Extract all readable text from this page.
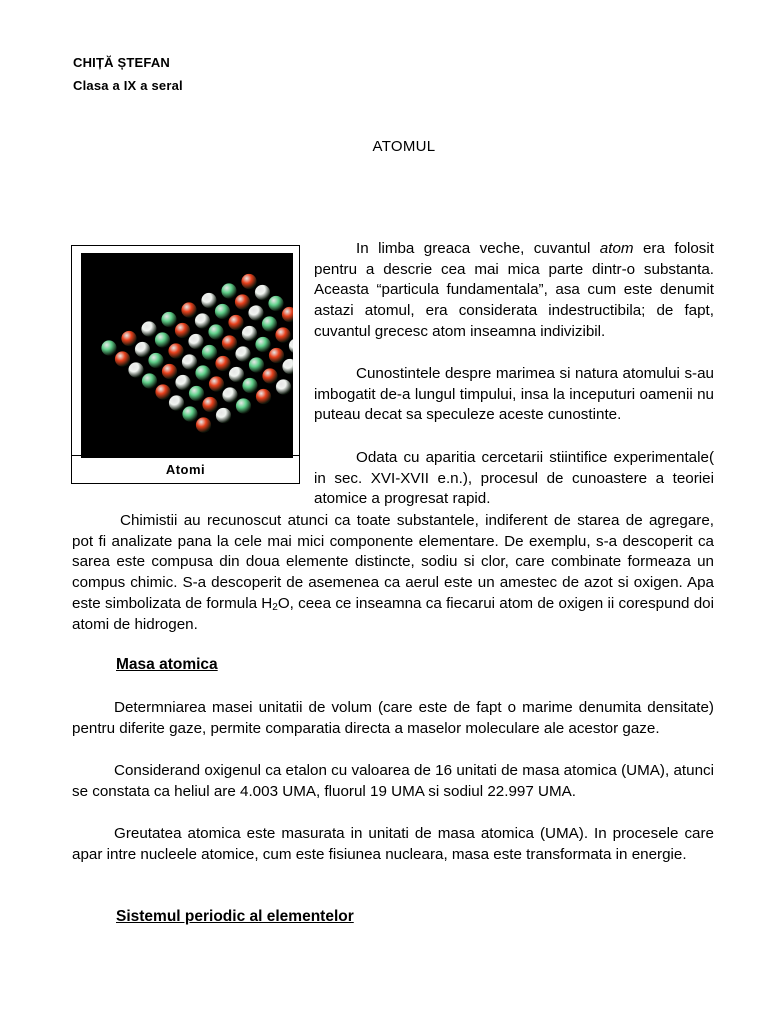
CHIȚĂ ȘTEFAN
Clasa a IX a seral
ATOMUL
Atomi
In limba greaca veche, cuvantul atom era folosit pentru a descrie cea mai mica parte dintr-o substanta. Aceasta “particula fundamentala”, asa cum este denumit astazi atomul, era considerata indestructibila; de fapt, cuvantul grecesc atom inseamna indivizibil.
Cunostintele despre marimea si natura atomului s-au imbogatit de-a lungul timpului, insa la inceputuri oamenii nu puteau decat sa speculeze aceste cunostinte.
Odata cu aparitia cercetarii stiintifice experimentale( in sec. XVI-XVII e.n.), procesul de cunoastere a teoriei atomice a progresat rapid.
Chimistii au recunoscut atunci ca toate substantele, indiferent de starea de agregare, pot fi analizate pana la cele mai mici componente elementare. De exemplu, s-a descoperit ca sarea este compusa din doua elemente distincte, sodiu si clor, care combinate formeaza un compus chimic. S-a descoperit de asemenea ca aerul este un amestec de azot si oxigen. Apa este simbolizata de formula $H_2O$, ceea ce inseamna ca fiecarui atom de oxigen ii corespund doi atomi de hidrogen.
Masa atomica
Determniarea masei unitatii de volum (care este de fapt o marime denumita densitate) pentru diferite gaze, permite comparatia directa a maselor moleculare ale acestor gaze.
Considerand oxigenul ca etalon cu valoarea de 16 unitati de masa atomica (UMA), atunci se constata ca heliul are 4.003 UMA, fluorul 19 UMA si sodiul 22.997 UMA.
Greutatea atomica este masurata in unitati de masa atomica (UMA). In procesele care apar intre nucleele atomice, cum este fisiunea nucleara, masa este transformata in energie.
Sistemul periodic al elementelor
